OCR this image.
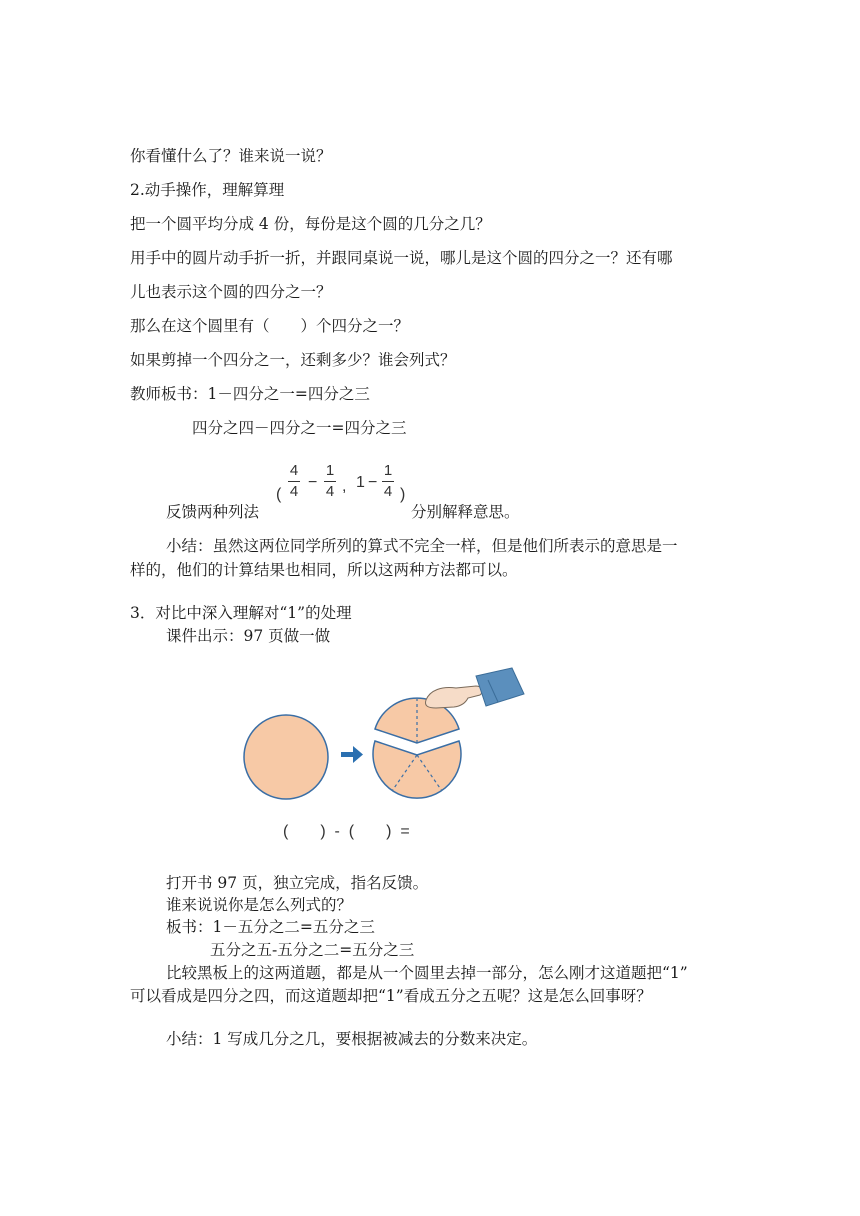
你看懂什么了？谁来说一说？
2.动手操作，理解算理
把一个圆平均分成 4 份，每份是这个圆的几分之几？
用手中的圆片动手折一折，并跟同桌说一说，哪儿是这个圆的四分之一？还有哪
儿也表示这个圆的四分之一？
那么在这个圆里有（　　）个四分之一？
如果剪掉一个四分之一，还剩多少？谁会列式？
教师板书：1－四分之一=四分之三
四分之四－四分之一=四分之三
反馈两种列法
(
4
4
−
1
4 , 1 −
1
4 )
分别解释意思。
小结：虽然这两位同学所列的算式不完全一样，但是他们所表示的意思是一
样的，他们的计算结果也相同，所以这两种方法都可以。
3．对比中深入理解对“1”的处理
课件出示：97 页做一做
(　　)  -  (　　)  =
打开书 97 页，独立完成，指名反馈。
谁来说说你是怎么列式的？
板书：1－五分之二=五分之三
五分之五-五分之二=五分之三
比较黑板上的这两道题，都是从一个圆里去掉一部分，怎么刚才这道题把“1”
可以看成是四分之四，而这道题却把“1”看成五分之五呢？这是怎么回事呀？
小结：1 写成几分之几，要根据被减去的分数来决定。
